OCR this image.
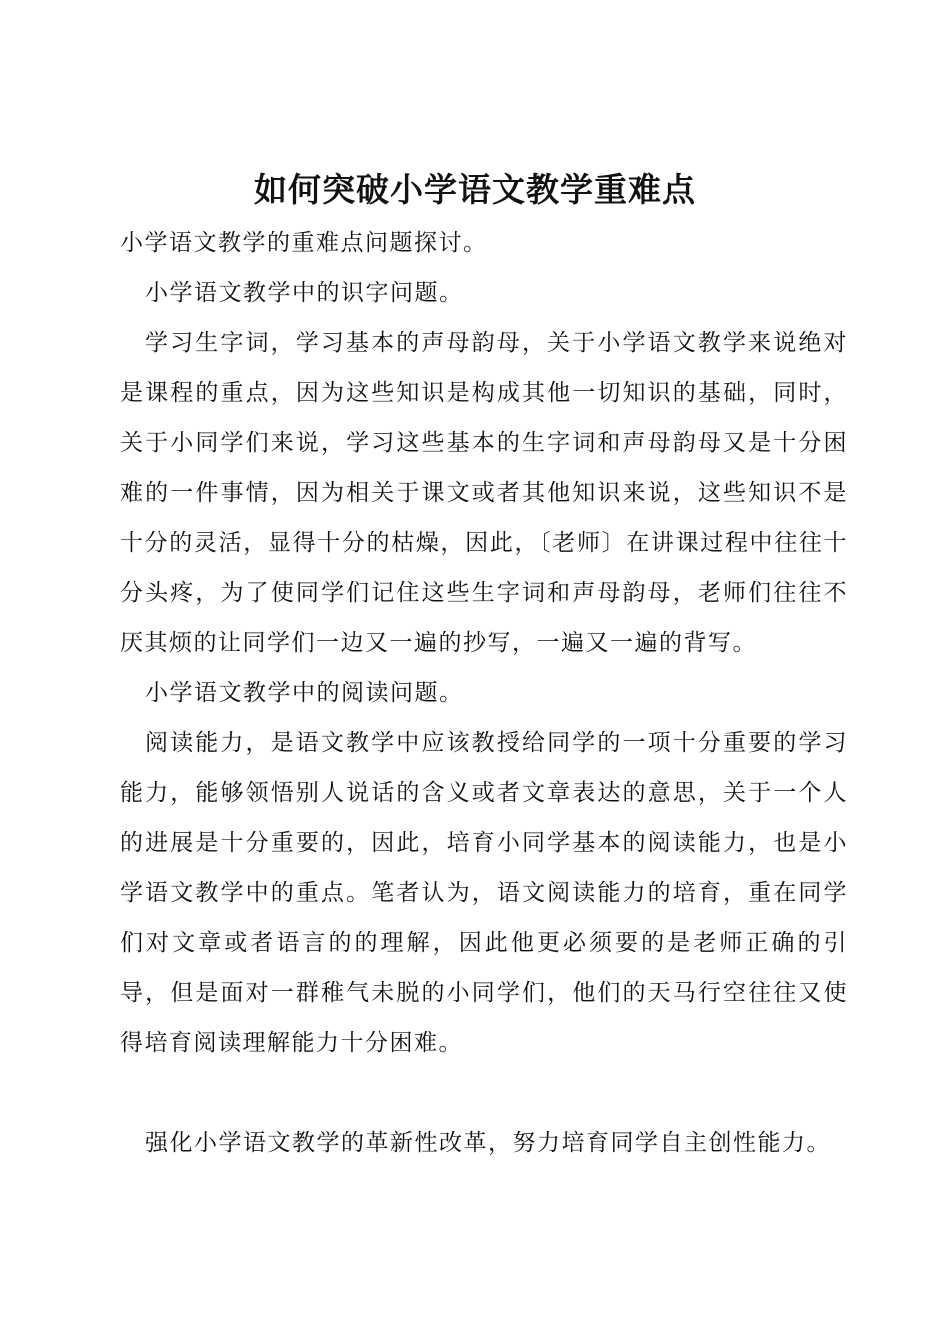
如何突破小学语文教学重难点

小学语文教学的重难点问题探讨。

小学语文教学中的识字问题。

学习生字词，学习基本的声母韵母，关于小学语文教学来说绝对是课程的重点，因为这些知识是构成其他一切知识的基础，同时，关于小同学们来说，学习这些基本的生字词和声母韵母又是十分困难的一件事情，因为相关于课文或者其他知识来说，这些知识不是十分的灵活，显得十分的枯燥，因此，〔老师〕在讲课过程中往往十分头疼，为了使同学们记住这些生字词和声母韵母，老师们往往不厌其烦的让同学们一边又一遍的抄写，一遍又一遍的背写。

小学语文教学中的阅读问题。

阅读能力，是语文教学中应该教授给同学的一项十分重要的学习能力，能够领悟别人说话的含义或者文章表达的意思，关于一个人的进展是十分重要的，因此，培育小同学基本的阅读能力，也是小学语文教学中的重点。笔者认为，语文阅读能力的培育，重在同学们对文章或者语言的的理解，因此他更必须要的是老师正确的引导，但是面对一群稚气未脱的小同学们，他们的天马行空往往又使得培育阅读理解能力十分困难。

强化小学语文教学的革新性改革，努力培育同学自主创性能力。
